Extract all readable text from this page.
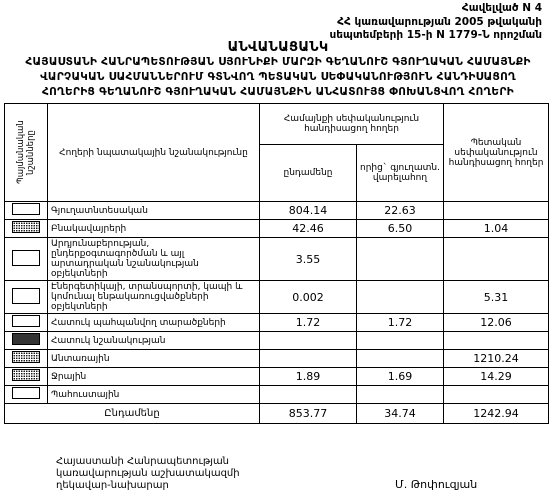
Հավելված N 4
ՀՀ կառավարության 2005 թվականի
սեպտեմբերի 15-ի N 1779-Ն որոշման
ԱՆՎԱՆԱՑԱՆԿ
ՀԱՅԱՍՏԱՆԻ ՀԱՆՐԱՊԵՏՈՒԹՅԱՆ ՍՅՈՒՆԻՔԻ ՄԱՐԶԻ ԳԵՂԱՆՈՒՇ ԳՅՈՒՂԱԿԱՆ ՀԱՄԱՅՆՔԻ
ՎԱՐՉԱԿԱՆ ՍԱՀՄԱՆՆԵՐՈՒՄ ԳՏՆՎՈՂ ՊԵՏԱԿԱՆ ՍԵՓԱԿԱՆՈՒԹՅՈՒՆ ՀԱՆԴԻՍԱՑՈՂ
ՀՈՂԵՐԻՑ ԳԵՂԱՆՈՒՇ ԳՅՈՒՂԱԿԱՆ ՀԱՄԱՅՆՔԻՆ ԱՆՀԱՏՈՒՅՑ ՓՈԽԱՆՑՎՈՂ ՀՈՂԵՐԻ
Պայմանական նշանները	Հողերի նպատակային նշանակությունը	Համայնքի սեփականություն հանդիսացող հողեր		Պետական սեփականություն հանդիսացող հողեր
		ընդամենը	որից` գյուղատն. վարելահող	
	Գյուղատնտեսական	804.14	22.63	
	Բնակավայրերի	42.46	6.50	1.04
	Արդյունաբերության, ընդերքօգտագործման և այլ արտադրական նշանակության օբյեկտների	3.55		
	Էներգետիկայի, տրանսպորտի, կապի և կոմունալ ենթակառուցվածքների օբյեկտների	0.002		5.31
	Հատուկ պահպանվող տարածքների	1.72	1.72	12.06
	Հատուկ նշանակության			
	Անտառային			1210.24
	Ջրային	1.89	1.69	14.29
	Պահուստային			
Ընդամենը		853.77	34.74	1242.94
Հայաստանի Հանրապետության
կառավարության աշխատակազմի
ղեկավար-նախարար	Մ. Թոփուզյան
